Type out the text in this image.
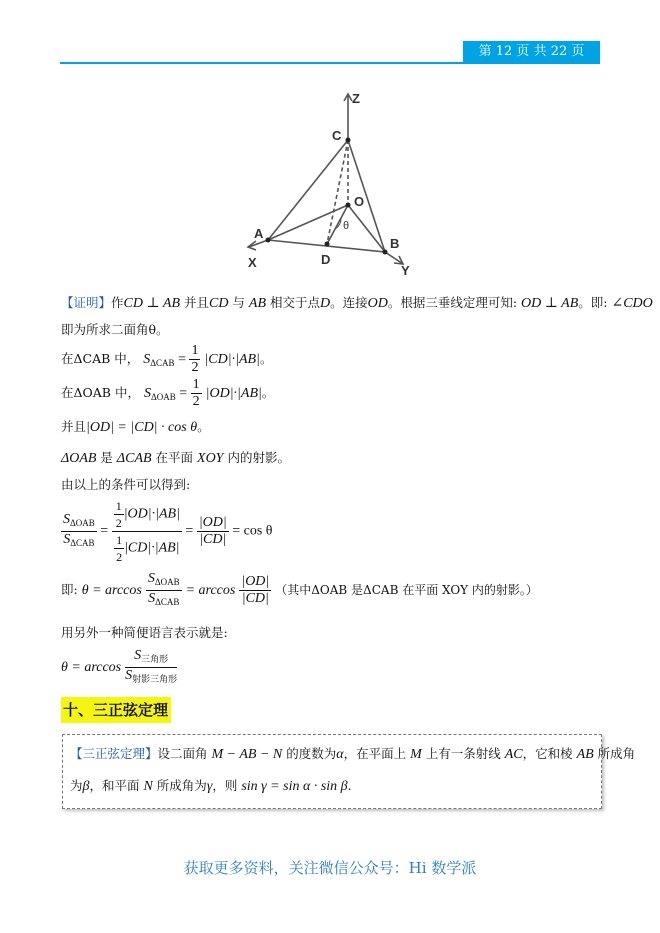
第 12 页 共 22 页
Z
X
Y
C
O
A
B
D
θ
【证明】作CD ⊥ AB 并且CD 与 AB 相交于点D。连接OD。根据三垂线定理可知: OD ⊥ AB。即: ∠CDO
即为所求二面角θ。
在ΔCAB 中， $S_{\Delta CAB} = \frac{1}{2} |CD|\cdot|AB|$。
在ΔOAB 中， $S_{\Delta OAB} = \frac{1}{2} |OD|\cdot|AB|$。
并且|OD| = |CD| · cos θ。
ΔOAB 是 ΔCAB 在平面 XOY 内的射影。
由以上的条件可以得到:
$\frac{S_{\Delta OAB}}{S_{\Delta CAB}} = \frac{\frac{1}{2} |OD|\cdot|AB|}{\frac{1}{2} |CD|\cdot|AB|} = \frac{|OD|}{|CD|} = \cos \theta$
即: $\theta = \arccos \frac{S_{\Delta OAB}}{S_{\Delta CAB}} = \arccos \frac{|OD|}{|CD|}$ （其中ΔOAB 是ΔCAB 在平面 XOY 内的射影。）
用另外一种简便语言表示就是:
$\theta = \arccos \frac{S_{三角形}}{S_{射影三角形}}$
十、三正弦定理
【三正弦定理】设二面角 M − AB − N 的度数为α，在平面上 M 上有一条射线 AC，它和棱 AB 所成角
为β，和平面 N 所成角为γ，则 sin γ = sin α · sin β.
获取更多资料，关注微信公众号：Hi 数学派
